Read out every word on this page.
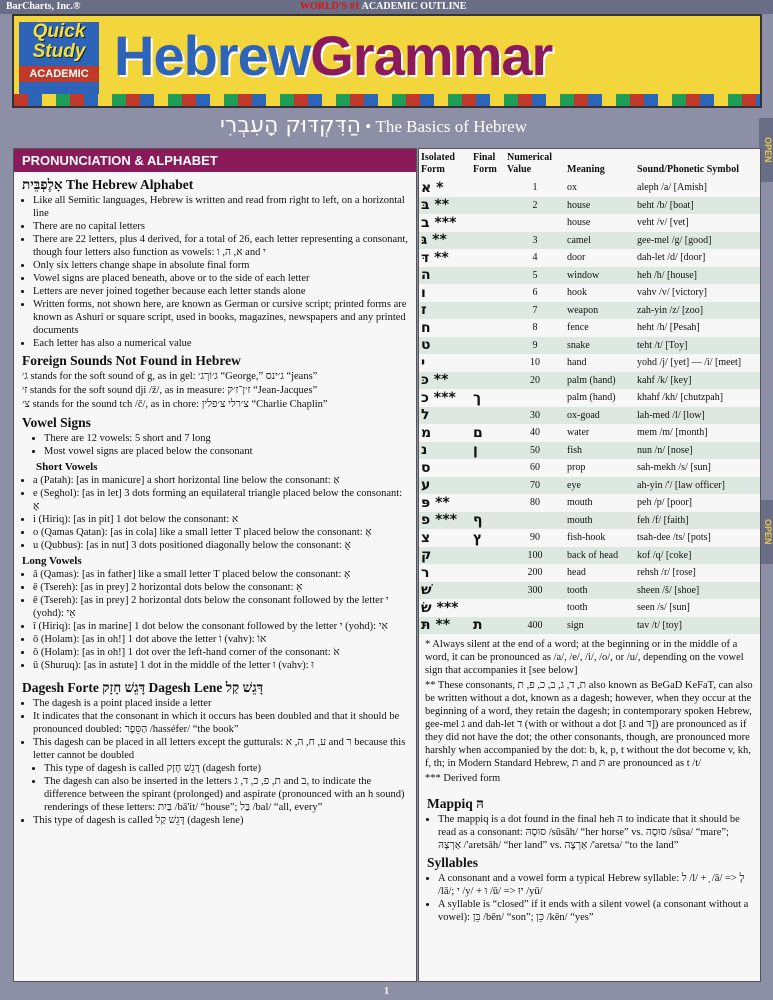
BarCharts, Inc.®	WORLD'S #1 ACADEMIC OUTLINE
Quick
Study
ACADEMIC HebrewGrammar
הַדִּקְדּוּק הָעִבְרִי • The Basics of Hebrew
OPEN
OPEN
PRONUNCIATION & ALPHABET
אָלֶפְבֵּית The Hebrew Alphabet
• Like all Semitic languages, Hebrew is written and read from right to left, on a horizontal line
• There are no capital letters
• There are 22 letters, plus 4 derived, for a total of 26, each letter representing a consonant, though four letters also function as vowels: א, ה, ו and י
• Only six letters change shape in absolute final form
• Vowel signs are placed beneath, above or to the side of each letter
• Letters are never joined together because each letter stands alone
• Written forms, not shown here, are known as German or cursive script; printed forms are known as Ashuri or square script, used in books, magazines, newspapers and any printed documents
• Each letter has also a numerical value
Foreign Sounds Not Found in Hebrew

ג׳ stands for the soft sound of g, as in gel: ג׳וֹרְג׳ “George,” ג׳ינס “jeans”

ז׳ stands for the soft sound dji /ž/, as in measure: ז׳ן־ז׳ק “Jean-Jacques”

צ׳ stands for the sound tch /č/, as in chore: צ׳רלי צ׳פלין “Charlie Chaplin”

Vowel Signs
• There are 12 vowels: 5 short and 7 long
• Most vowel signs are placed below the consonant
Short Vowels
• a (Patah): [as in manicure] a short horizontal line below the consonant: אַ
• e (Seghol): [as in let] 3 dots forming an equilateral triangle placed below the consonant: אֶ
• i (Hiriq): [as in pit] 1 dot below the consonant: אִ
• o (Qamas Qatan): [as in cola] like a small letter T placed below the consonant: אָ
• u (Qubbus): [as in nut] 3 dots positioned diagonally below the consonant: אֻ
Long Vowels
• ā (Qamas): [as in father] like a small letter T placed below the consonant: אָ
• ē (Tsereh): [as in prey] 2 horizontal dots below the consonant: אֵ
• ē (Tsereh): [as in prey] 2 horizontal dots below the consonant followed by the letter י (yohd): אֵי
• ī (Hiriq): [as in marine] 1 dot below the consonant followed by the letter י (yohd): אִי
• ō (Holam): [as in oh!] 1 dot above the letter וֹ (vahv): אוֹ
• ō (Holam): [as in oh!] 1 dot over the left-hand corner of the consonant: אֹ
• ū (Shuruq): [as in astute] 1 dot in the middle of the letter וּ (vahv): וּ
Dagesh Forte דָּגֵשׁ חָזָק Dagesh Lene דָּגֵשׁ קַל
• The dagesh is a point placed inside a letter
• It indicates that the consonant in which it occurs has been doubled and that it should be pronounced doubled: הַסֵּפֶר /hasséfer/ “the book”
• This dagesh can be placed in all letters except the gutturals: ע, ח, ה, א and ר because this letter cannot be doubled
• This type of dagesh is called דָּגֵשׁ חָזָק (dagesh forte)
• The dagesh can also be inserted in the letters ת, פ, כ, ד, ג and ב, to indicate the difference between the spirant (prolonged) and aspirate (pronounced with an h sound) renderings of these letters: בַּיִת /bā'it/ “house”; בַּל /bal/ “all, every”
• This type of dagesh is called דָּגֵשׁ קַל (dagesh lene)
Isolated Form	Final Form	Numerical Value	Meaning	Sound/Phonetic Symbol
א *		1	ox	aleph /a/ [Amish]
בּ **		2	house	beht /b/ [boat]
ב ***			house	veht /v/ [vet]
גּ **		3	camel	gee-mel /g/ [good]
דּ **		4	door	dah-let /d/ [door]
ה		5	window	heh /h/ [house]
ו		6	hook	vahv /v/ [victory]
ז		7	weapon	zah-yin /z/ [zoo]
ח		8	fence	heht /h/ [Pesah]
ט		9	snake	teht /t/ [Toy]
י		10	hand	yohd /j/ [yet] — /i/ [meet]
כּ **		20	palm (hand)	kahf /k/ [key]
כ ***	ך		palm (hand)	khahf /kh/ [chutzpah]
ל		30	ox-goad	lah-med /l/ [low]
מ	ם	40	water	mem /m/ [month]
נ	ן	50	fish	nun /n/ [nose]
ס		60	prop	sah-mekh /s/ [sun]
ע		70	eye	ah-yin /'/ [law officer]
פּ **		80	mouth	peh /p/ [poor]
פ ***	ף		mouth	feh /f/ [faith]
צ	ץ	90	fish-hook	tsah-dee /ts/ [pots]
ק		100	back of head	kof /q/ [coke]
ר		200	head	rehsh /r/ [rose]
שׁ		300	tooth	sheen /š/ [shoe]
שׂ ***			tooth	seen /s/ [sun]
תּ **	ת	400	sign	tav /t/ [toy]

* Always silent at the end of a word; at the beginning or in the middle of a word, it can be pronounced as /a/, /e/, /i/, /o/, or /u/, depending on the vowel sign that accompanies it [see below]

** These consonants, ת, ד, ג, ב, כ, פ, ת also known as BeGaD KeFaT, can also be written without a dot, known as a dagesh; however, when they occur at the beginning of a word, they retain the dagesh; in contemporary spoken Hebrew, gee-mel ג and dah-let ד (with or without a dot [גּ and דּ]) are pronounced as if they did not have the dot; the other consonants, though, are pronounced more harshly when accompanied by the dot: b, k, p, t without the dot become v, kh, f, th; in Modern Standard Hebrew, ת and תּ are pronounced as t /t/

*** Derived form

Mappiq הּ
• The mappiq is a dot found in the final heh הּ to indicate that it should be read as a consonant: סוּסָהּ /sūsāh/ “her horse” vs. סוּסָה /sūsa/ “mare”; אַרְצָהּ /'aretsāh/ “her land” vs. אַרְצָה /'aretsa/ “to the land”
Syllables
• A consonant and a vowel form a typical Hebrew syllable: ל /l/ + ָ /ā/ => לָ /lā/; י /y/ + וּ /ū/ => יוּ /yū/
• A syllable is “closed” if it ends with a silent vowel (a consonant without a vowel): בֵּן /bēn/ “son”; כֵּן /kēn/ “yes”
1
